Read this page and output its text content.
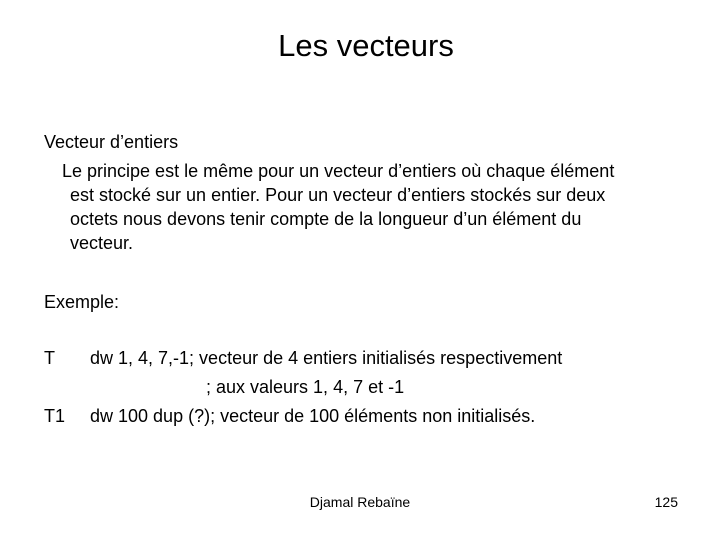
Les vecteurs
Vecteur d’entiers
Le principe est le même pour un vecteur d’entiers où chaque élément
est stocké sur un entier. Pour un vecteur d’entiers stockés sur deux
octets nous devons tenir compte de la longueur d’un élément du
vecteur.
Exemple:
T dw 1, 4, 7,-1; vecteur de 4 entiers initialisés respectivement
; aux valeurs 1, 4, 7 et -1
T1 dw 100 dup (?); vecteur de 100 éléments non initialisés.
Djamal Rebaïne	125
